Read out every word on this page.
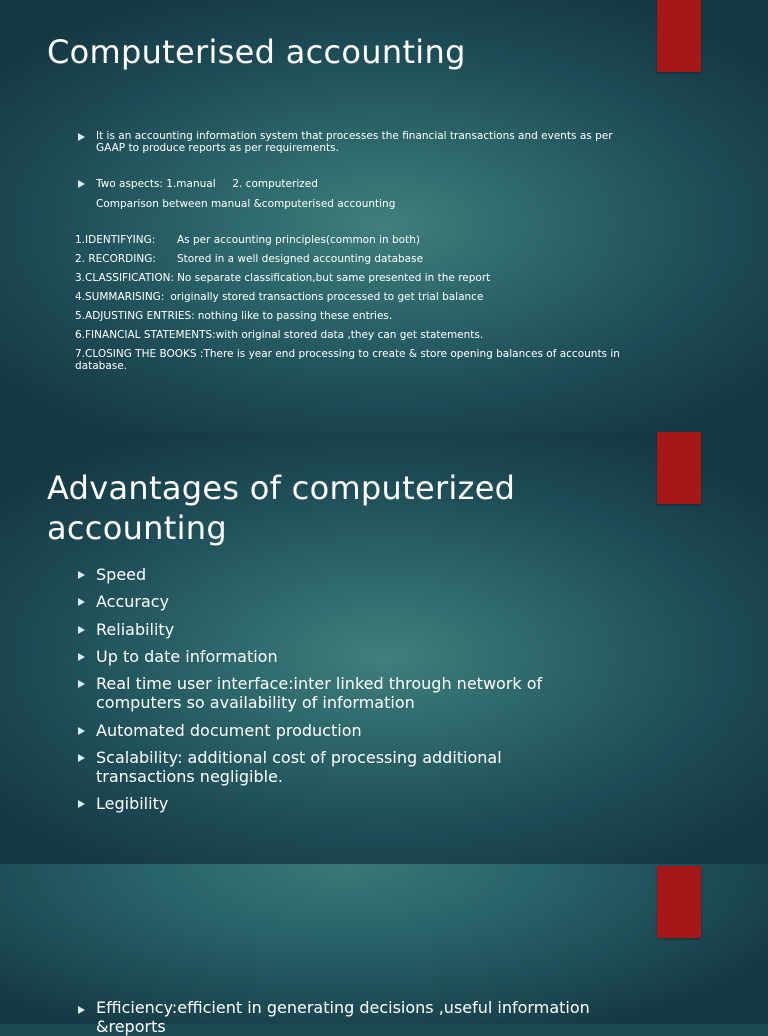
Computerised accounting
It is an accounting information system that processes the financial transactions and events as per GAAP to produce reports as per requirements.
Two aspects: 1.manual     2. computerized
Comparison between manual &computerised accounting
1.IDENTIFYING:	As per accounting principles(common in both)
2. RECORDING:	Stored in a well designed accounting database
3.CLASSIFICATION: No separate classification,but same presented in the report
4.SUMMARISING: originally stored transactions processed to get trial balance
5.ADJUSTING ENTRIES: nothing like to passing these entries.
6.FINANCIAL STATEMENTS: with original stored data ,they can get statements.
7.CLOSING THE BOOKS :There is year end processing to create & store opening balances of accounts in database.
Advantages of computerized accounting
Speed
Accuracy
Reliability
Up to date information
Real time user interface:inter linked through network of computers so availability of information
Automated document production
Scalability: additional cost of processing additional transactions negligible.
Legibility
Efficiency:efficient in generating decisions ,useful information &reports
